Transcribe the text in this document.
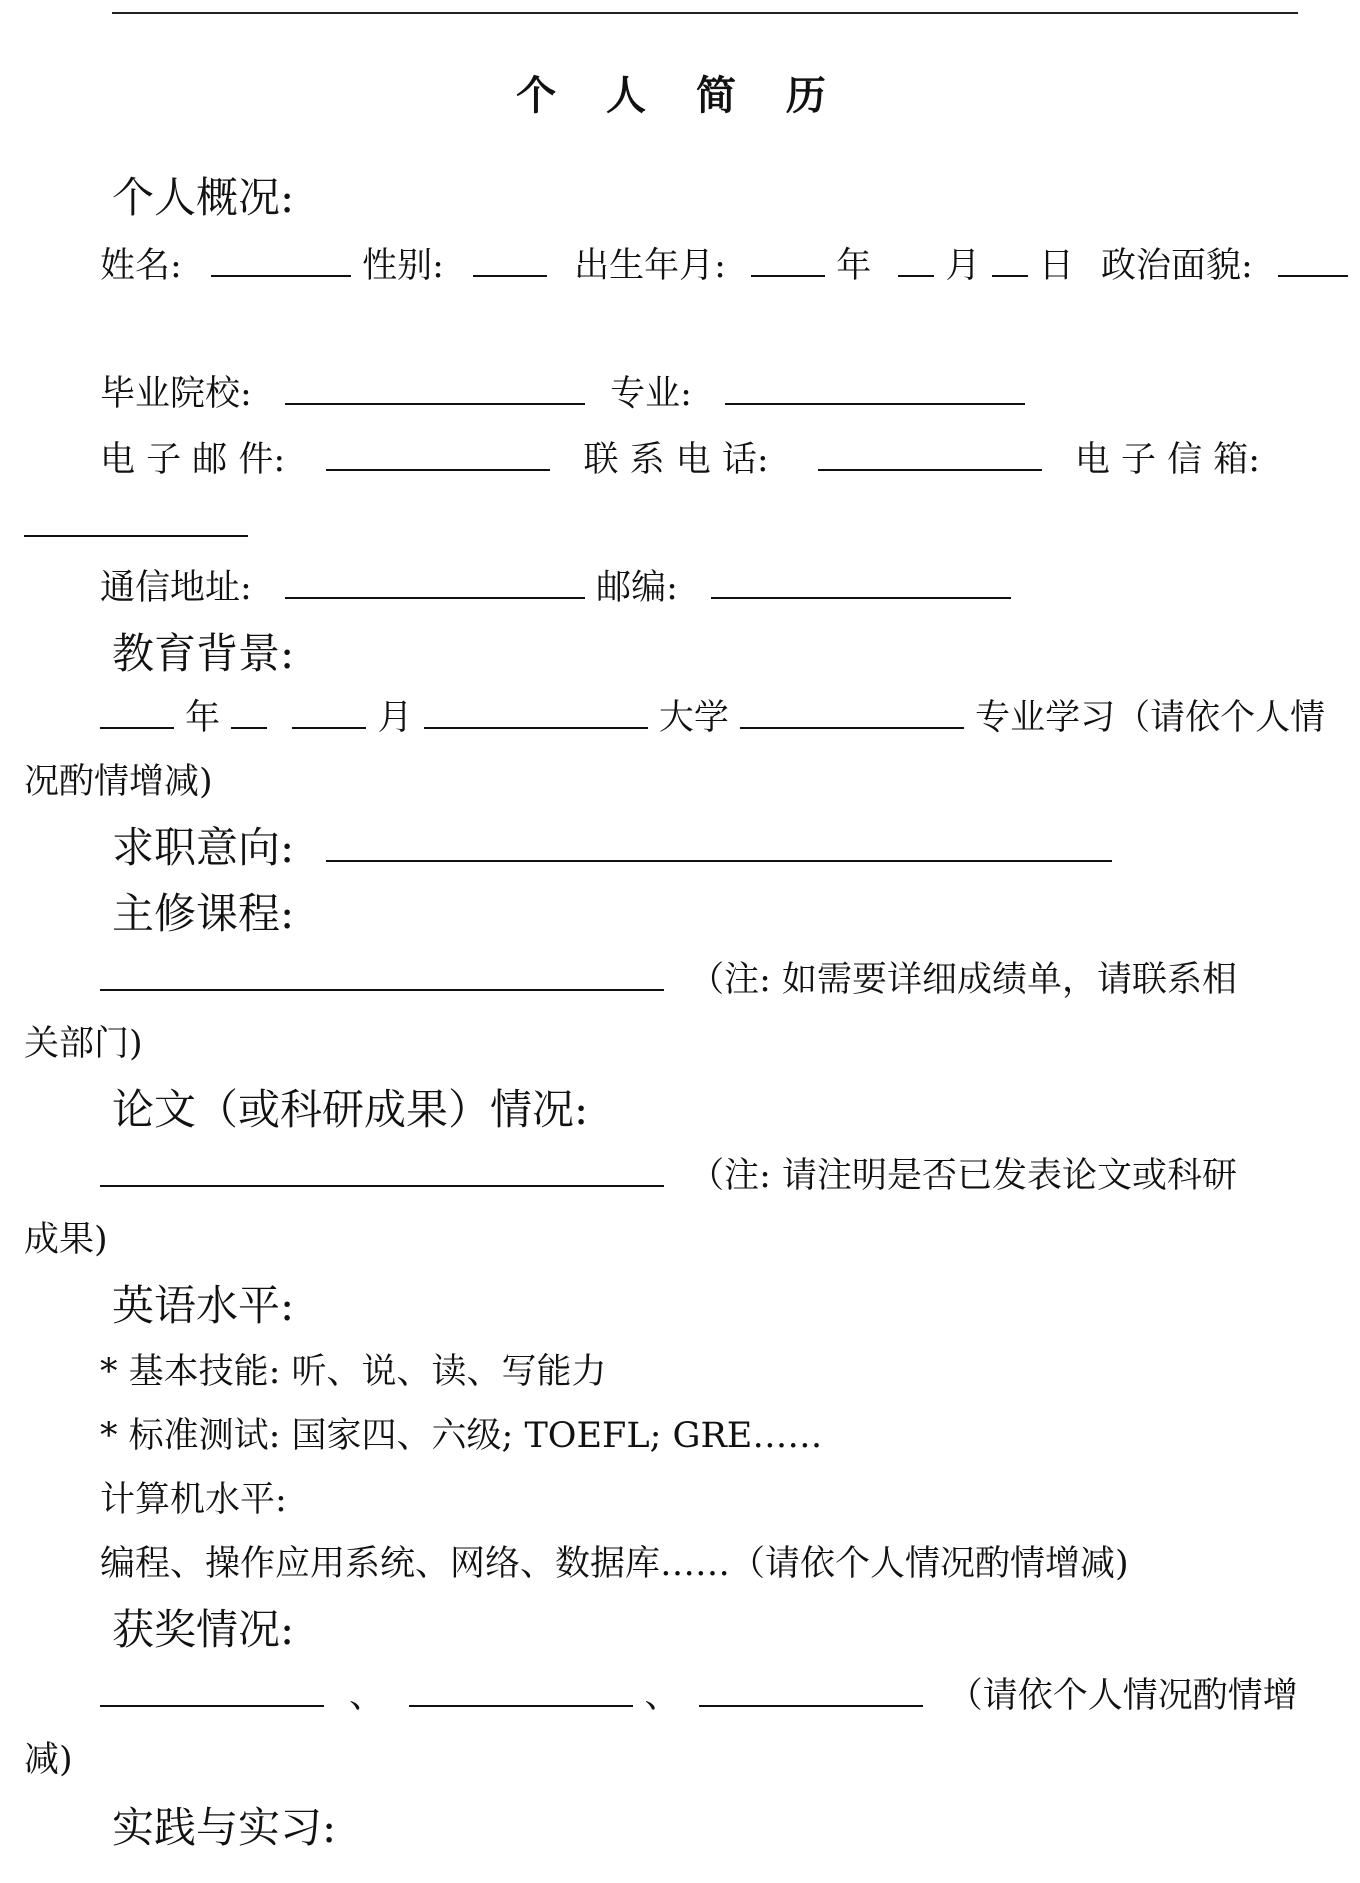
个 人 简 历
个人概况:
姓名:	性别:	出生年月:	年 月 日 政治面貌:
毕业院校:	专业:
电 子 邮 件:	联 系 电 话:	电 子 信 箱:
通信地址:	邮编:
教育背景:
年	月	大学	专业学习（请依个人情
况酌情增减)
求职意向:
主修课程:
（注: 如需要详细成绩单，请联系相
关部门)
论文（或科研成果）情况:
（注: 请注明是否已发表论文或科研
成果)
英语水平:
* 基本技能: 听、说、读、写能力
* 标准测试: 国家四、六级; TOEFL; GRE……
计算机水平:
编程、操作应用系统、网络、数据库……（请依个人情况酌情增减)
获奖情况:
、	、	（请依个人情况酌情增
减)
实践与实习:
